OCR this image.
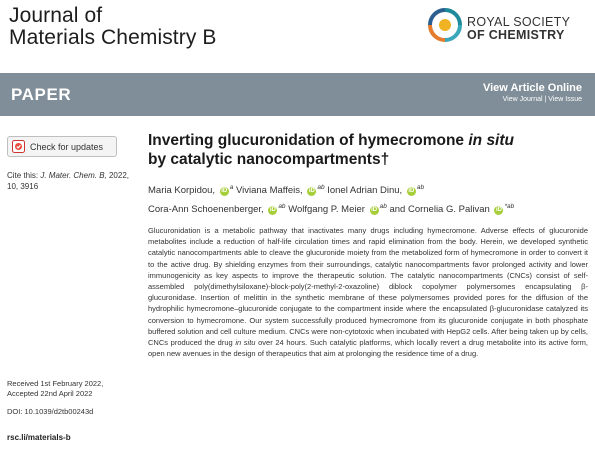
Journal of
Materials Chemistry B
ROYAL SOCIETY
OF CHEMISTRY
PAPER	View Article Online
View Journal | View Issue
Check for updates
Cite this: J. Mater. Chem. B, 2022,
10, 3916
Received 1st February 2022,
Accepted 22nd April 2022
DOI: 10.1039/d2tb00243d
rsc.li/materials-b
Inverting glucuronidation of hymecromone in situ
by catalytic nanocompartments†
Maria Korpidou, iD $^a$ Viviana Maffeis, iD $^{ab}$ Ionel Adrian Dinu, iD $^{ab}$
Cora-Ann Schoenenberger, iD $^{ab}$ Wolfgang P. Meier iD $^{ab}$ and Cornelia G. Palivan iD $^{*ab}$
Glucuronidation is a metabolic pathway that inactivates many drugs including hymecromone. Adverse effects of glucuronide metabolites include a reduction of half-life circulation times and rapid elimination from the body. Herein, we developed synthetic catalytic nanocompartments able to cleave the glucuronide moiety from the metabolized form of hymecromone in order to convert it to the active drug. By shielding enzymes from their surroundings, catalytic nanocompartments favor prolonged activity and lower immunogenicity as key aspects to improve the therapeutic solution. The catalytic nanocompartments (CNCs) consist of self-assembled poly(dimethylsiloxane)-block-poly(2-methyl-2-oxazoline) diblock copolymer polymersomes encapsulating β-glucuronidase. Insertion of melittin in the synthetic membrane of these polymersomes provided pores for the diffusion of the hydrophilic hymecromone–glucuronide conjugate to the compartment inside where the encapsulated β-glucuronidase catalyzed its conversion to hymecromone. Our system successfully produced hymecromone from its glucuronide conjugate in both phosphate buffered solution and cell culture medium. CNCs were non-cytotoxic when incubated with HepG2 cells. After being taken up by cells, CNCs produced the drug in situ over 24 hours. Such catalytic platforms, which locally revert a drug metabolite into its active form, open new avenues in the design of therapeutics that aim at prolonging the residence time of a drug.
